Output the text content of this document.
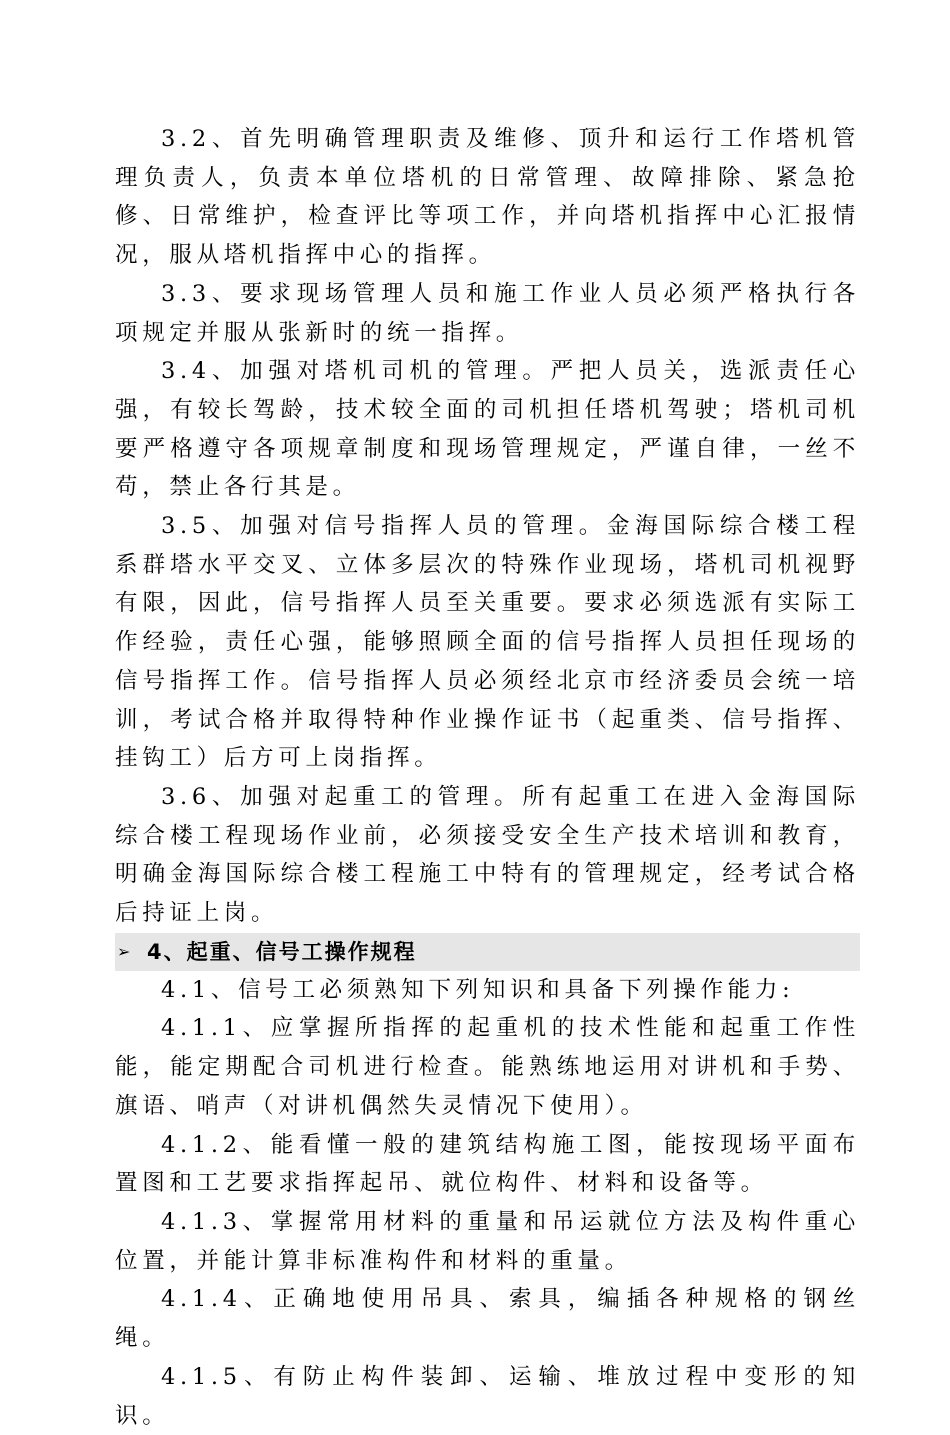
3.2、首先明确管理职责及维修、顶升和运行工作塔机管理负责人，负责本单位塔机的日常管理、故障排除、紧急抢修、日常维护，检查评比等项工作，并向塔机指挥中心汇报情况，服从塔机指挥中心的指挥。

3.3、要求现场管理人员和施工作业人员必须严格执行各项规定并服从张新时的统一指挥。

3.4、加强对塔机司机的管理。严把人员关，选派责任心强，有较长驾龄，技术较全面的司机担任塔机驾驶；塔机司机要严格遵守各项规章制度和现场管理规定，严谨自律，一丝不苟，禁止各行其是。

3.5、加强对信号指挥人员的管理。金海国际综合楼工程系群塔水平交叉、立体多层次的特殊作业现场，塔机司机视野有限，因此，信号指挥人员至关重要。要求必须选派有实际工作经验，责任心强，能够照顾全面的信号指挥人员担任现场的信号指挥工作。信号指挥人员必须经北京市经济委员会统一培训，考试合格并取得特种作业操作证书（起重类、信号指挥、挂钩工）后方可上岗指挥。

3.6、加强对起重工的管理。所有起重工在进入金海国际综合楼工程现场作业前，必须接受安全生产技术培训和教育，明确金海国际综合楼工程施工中特有的管理规定，经考试合格后持证上岗。

➢ 4、起重、信号工操作规程

4.1、信号工必须熟知下列知识和具备下列操作能力:

4.1.1、应掌握所指挥的起重机的技术性能和起重工作性能，能定期配合司机进行检查。能熟练地运用对讲机和手势、旗语、哨声（对讲机偶然失灵情况下使用）。

4.1.2、能看懂一般的建筑结构施工图，能按现场平面布置图和工艺要求指挥起吊、就位构件、材料和设备等。

4.1.3、掌握常用材料的重量和吊运就位方法及构件重心位置，并能计算非标准构件和材料的重量。

4.1.4、正确地使用吊具、索具，编插各种规格的钢丝绳。

4.1.5、有防止构件装卸、运输、堆放过程中变形的知识。
